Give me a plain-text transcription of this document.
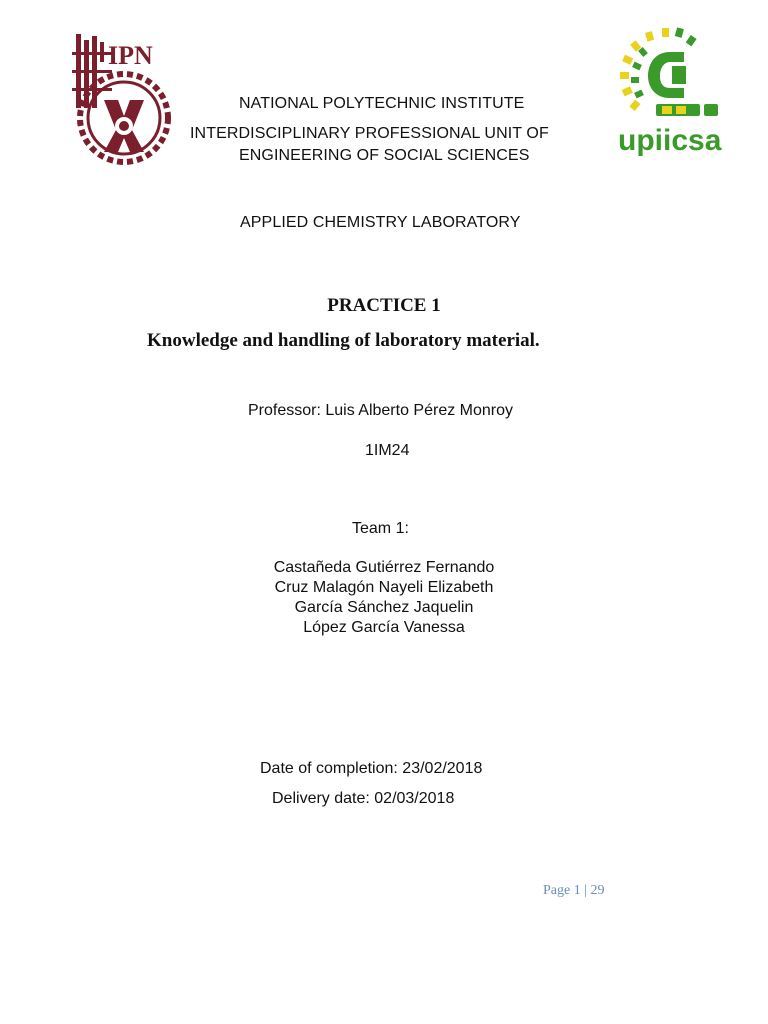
IPN
upiicsa
NATIONAL POLYTECHNIC INSTITUTE
INTERDISCIPLINARY PROFESSIONAL UNIT OF
ENGINEERING OF SOCIAL SCIENCES
APPLIED CHEMISTRY LABORATORY
PRACTICE 1
Knowledge and handling of laboratory material.
Professor: Luis Alberto Pérez Monroy
1IM24
Team 1:
Castañeda Gutiérrez Fernando
Cruz Malagón Nayeli Elizabeth
García Sánchez Jaquelin
López García Vanessa
Date of completion: 23/02/2018
Delivery date: 02/03/2018
Page 1 | 29
